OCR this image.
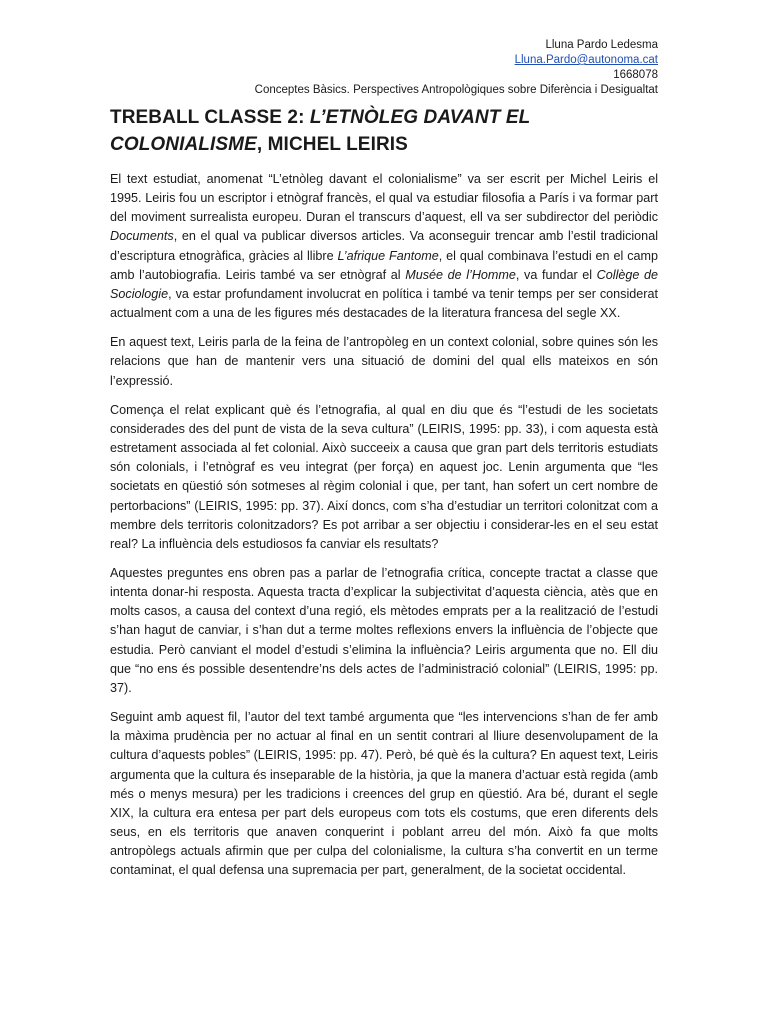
Lluna Pardo Ledesma
Lluna.Pardo@autonoma.cat
1668078
Conceptes Bàsics. Perspectives Antropològiques sobre Diferència i Desigualtat
TREBALL CLASSE 2: L’ETNÒLEG DAVANT EL COLONIALISME, MICHEL LEIRIS

El text estudiat, anomenat “L’etnòleg davant el colonialisme” va ser escrit per Michel Leiris el 1995. Leiris fou un escriptor i etnògraf francès, el qual va estudiar filosofia a París i va formar part del moviment surrealista europeu. Duran el transcurs d’aquest, ell va ser subdirector del periòdic Documents, en el qual va publicar diversos articles. Va aconseguir trencar amb l’estil tradicional d’escriptura etnogràfica, gràcies al llibre L’afrique Fantome, el qual combinava l’estudi en el camp amb l’autobiografia. Leiris també va ser etnògraf al Musée de l’Homme, va fundar el Collège de Sociologie, va estar profundament involucrat en política i també va tenir temps per ser considerat actualment com a una de les figures més destacades de la literatura francesa del segle XX.

En aquest text, Leiris parla de la feina de l’antropòleg en un context colonial, sobre quines són les relacions que han de mantenir vers una situació de domini del qual ells mateixos en són l’expressió.

Comença el relat explicant què és l’etnografia, al qual en diu que és “l’estudi de les societats considerades des del punt de vista de la seva cultura” (LEIRIS, 1995: pp. 33), i com aquesta està estretament associada al fet colonial. Això succeeix a causa que gran part dels territoris estudiats són colonials, i l’etnògraf es veu integrat (per força) en aquest joc. Lenin argumenta que “les societats en qüestió són sotmeses al règim colonial i que, per tant, han sofert un cert nombre de pertorbacions” (LEIRIS, 1995: pp. 37). Així doncs, com s’ha d’estudiar un territori colonitzat com a membre dels territoris colonitzadors? Es pot arribar a ser objectiu i considerar-les en el seu estat real? La influència dels estudiosos fa canviar els resultats?

Aquestes preguntes ens obren pas a parlar de l’etnografia crítica, concepte tractat a classe que intenta donar-hi resposta. Aquesta tracta d’explicar la subjectivitat d’aquesta ciència, atès que en molts casos, a causa del context d’una regió, els mètodes emprats per a la realització de l’estudi s’han hagut de canviar, i s’han dut a terme moltes reflexions envers la influència de l’objecte que estudia. Però canviant el model d’estudi s’elimina la influència? Leiris argumenta que no. Ell diu que “no ens és possible desentendre’ns dels actes de l’administració colonial” (LEIRIS, 1995: pp. 37).

Seguint amb aquest fil, l’autor del text també argumenta que “les intervencions s’han de fer amb la màxima prudència per no actuar al final en un sentit contrari al lliure desenvolupament de la cultura d’aquests pobles” (LEIRIS, 1995: pp. 47). Però, bé què és la cultura? En aquest text, Leiris argumenta que la cultura és inseparable de la història, ja que la manera d’actuar està regida (amb més o menys mesura) per les tradicions i creences del grup en qüestió. Ara bé, durant el segle XIX, la cultura era entesa per part dels europeus com tots els costums, que eren diferents dels seus, en els territoris que anaven conquerint i poblant arreu del món. Això fa que molts antropòlegs actuals afirmin que per culpa del colonialisme, la cultura s’ha convertit en un terme contaminat, el qual defensa una supremacia per part, generalment, de la societat occidental.
